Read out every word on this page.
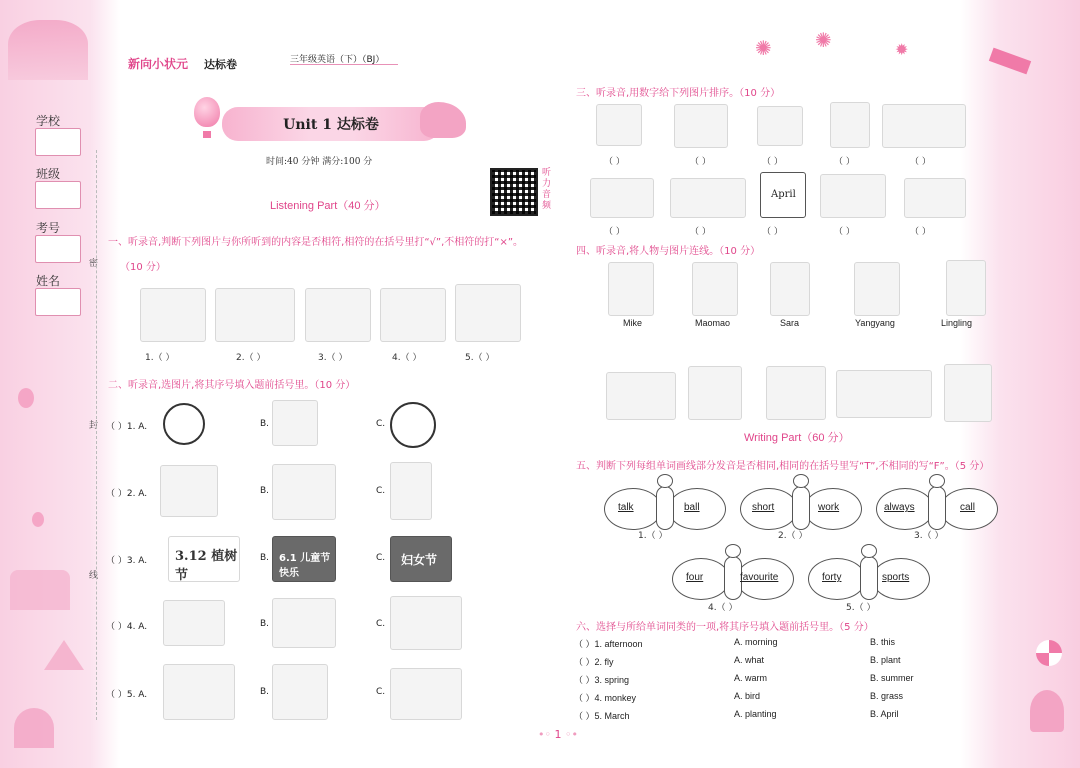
✺ ✺	✹
新向小状元 达标卷	三年级英语（下）（BJ）
学校
班级
考号
姓名
密
封
线
Unit 1 达标卷
时间:40 分钟 满分:100 分
Listening Part（40 分）
听力音频
一、听录音,判断下列图片与你所听到的内容是否相符,相符的在括号里打“√”,不相符的打“×”。
（10 分）
1.（ ）	2.（ ）	3.（ ）	4.（ ）	5.（ ）
二、听录音,选图片,将其序号填入题前括号里。（10 分）
（ ）1. A.	B.	C.
（ ）2. A.	B.	C.
（ ）3. A. 3.12 植树节
B. 6.1 儿童节快乐
C. 妇女节
（ ）4. A.	B.	C.
（ ）5. A.	B.	C.
三、听录音,用数字给下列图片排序。（10 分）
（ ）	（ ）	（ ）	（ ）	（ ）
April
（ ）	（ ）	（ ）	（ ）	（ ）
四、听录音,将人物与图片连线。（10 分）
Mike	Maomao	Sara	Yangyang	Lingling
Writing Part（60 分）
五、判断下列每组单词画线部分发音是否相同,相同的在括号里写“T”,不相同的写“F”。（5 分）
talk	ball
1.（ ）
short	work
2.（ ）
always	call
3.（ ）
four	favourite
4.（ ）
forty	sports
5.（ ）
六、选择与所给单词同类的一项,将其序号填入题前括号里。（5 分）
（ ）1. afternoon	A. morning	B. this
（ ）2. fly	A. what	B. plant
（ ）3. spring	A. warm	B. summer
（ ）4. monkey	A. bird	B. grass
（ ）5. March	A. planting	B. April
•◦ 1 ◦•
